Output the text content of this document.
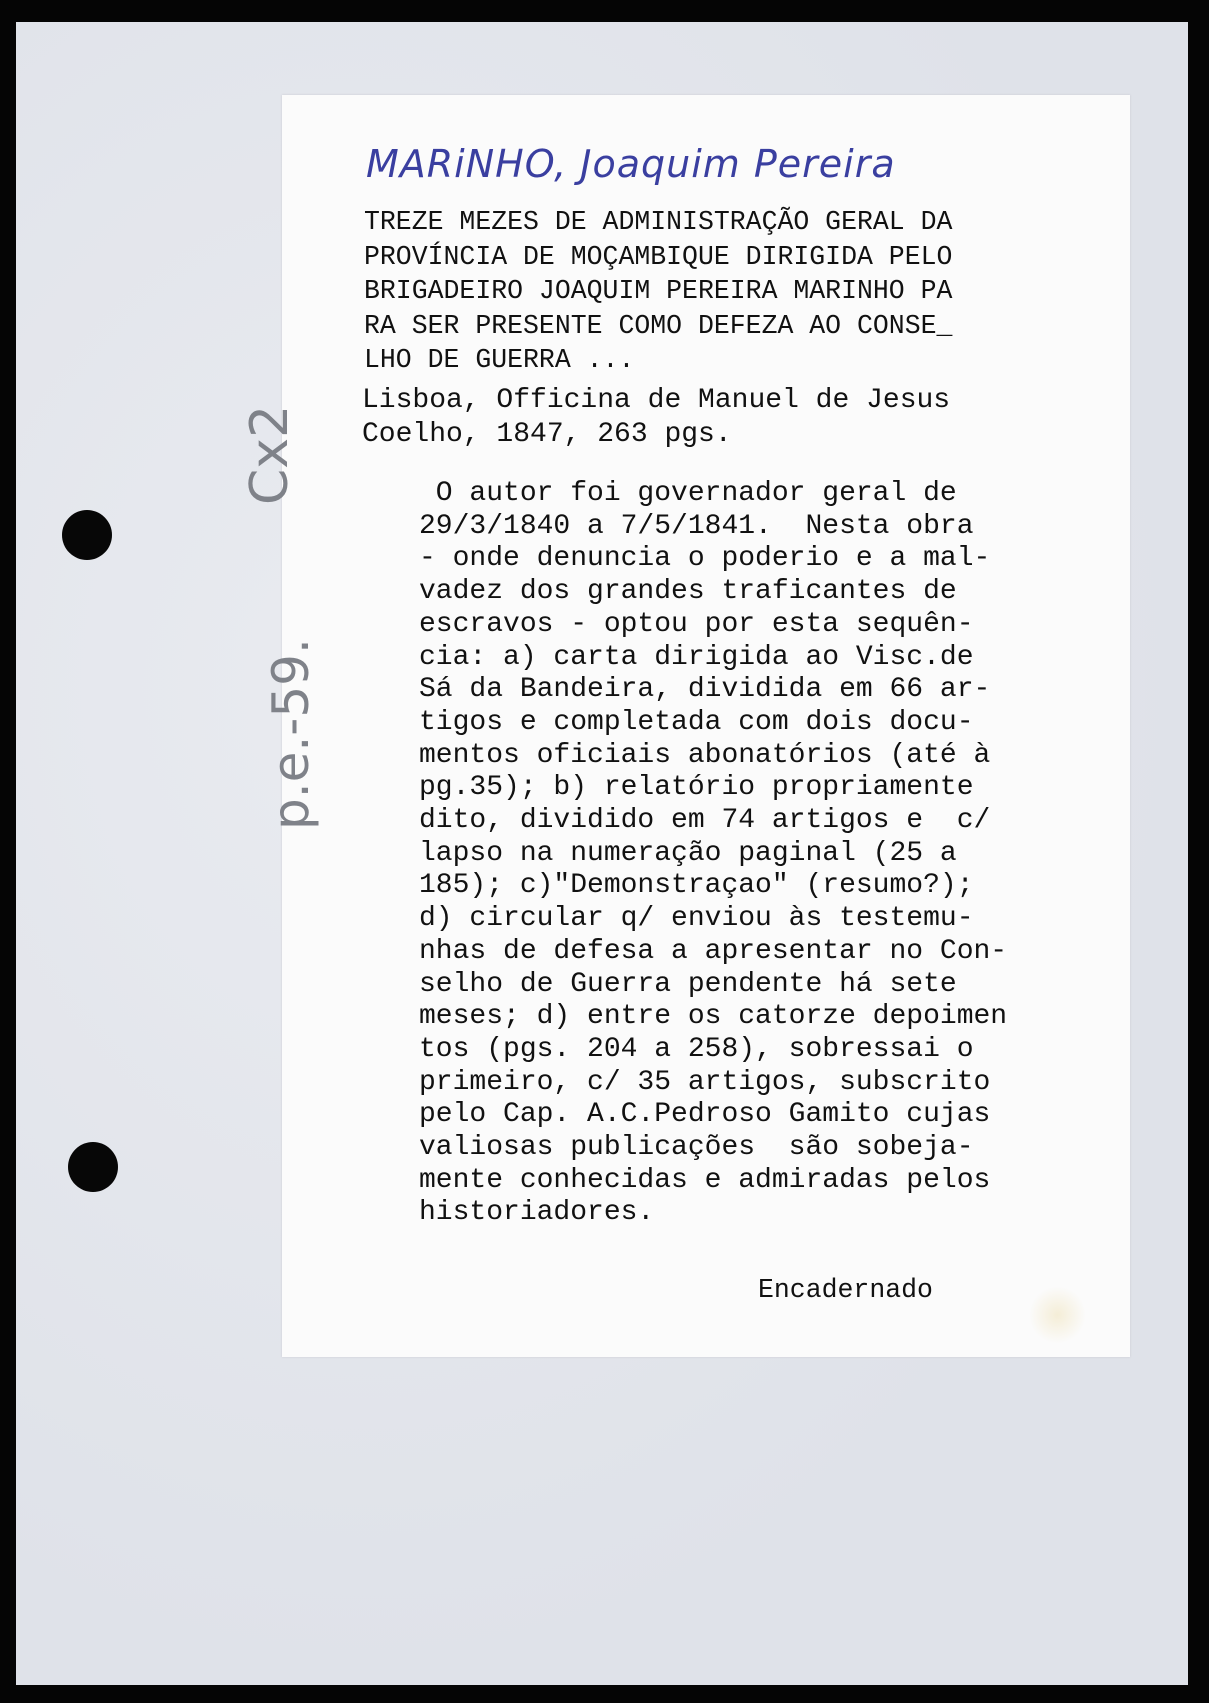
MARiNHO, Joaquim Pereira

TREZE MEZES DE ADMINISTRAÇÃO GERAL DA
PROVÍNCIA DE MOÇAMBIQUE DIRIGIDA PELO
BRIGADEIRO JOAQUIM PEREIRA MARINHO PA
RA SER PRESENTE COMO DEFEZA AO CONSE_
LHO DE GUERRA ...

Lisboa, Officina de Manuel de Jesus
Coelho, 1847, 263 pgs.

O autor foi governador geral de
29/3/1840 a 7/5/1841.  Nesta obra
- onde denuncia o poderio e a mal-
vadez dos grandes traficantes de
escravos - optou por esta sequên-
cia: a) carta dirigida ao Visc.de
Sá da Bandeira, dividida em 66 ar-
tigos e completada com dois docu-
mentos oficiais abonatórios (até à
pg.35); b) relatório propriamente
dito, dividido em 74 artigos e  c/
lapso na numeração paginal (25 a
185); c)"Demonstraçao" (resumo?);
d) circular q/ enviou às testemu-
nhas de defesa a apresentar no Con-
selho de Guerra pendente há sete
meses; d) entre os catorze depoimen
tos (pgs. 204 a 258), sobressai o
primeiro, c/ 35 artigos, subscrito
pelo Cap. A.C.Pedroso Gamito cujas
valiosas publicações  são sobeja-
mente conhecidas e admiradas pelos
historiadores.

Encadernado

Cx2
p.e.-59.
